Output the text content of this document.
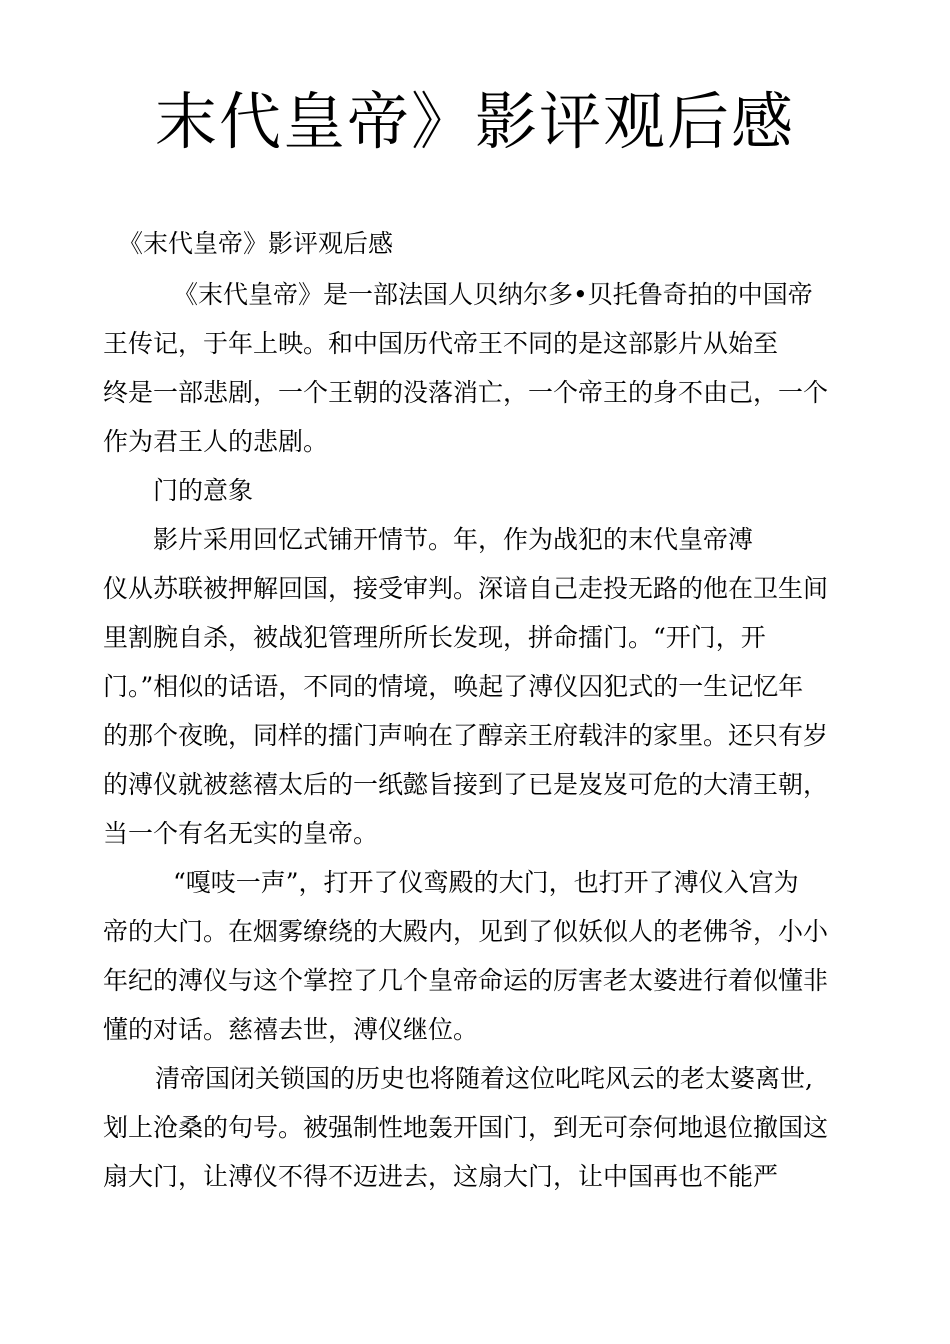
末代皇帝》影评观后感
《末代皇帝》影评观后感
《末代皇帝》是一部法国人贝纳尔多•贝托鲁奇拍的中国帝
王传记，于年上映。和中国历代帝王不同的是这部影片从始至
终是一部悲剧，一个王朝的没落消亡，一个帝王的身不由己，一个
作为君王人的悲剧。
门的意象
影片采用回忆式铺开情节。年，作为战犯的末代皇帝溥
仪从苏联被押解回国，接受审判。深谙自己走投无路的他在卫生间
里割腕自杀，被战犯管理所所长发现，拼命擂门。“开门，开
门。”相似的话语，不同的情境，唤起了溥仪囚犯式的一生记忆年
的那个夜晚，同样的擂门声响在了醇亲王府载沣的家里。还只有岁
的溥仪就被慈禧太后的一纸懿旨接到了已是岌岌可危的大清王朝，
当一个有名无实的皇帝。
“嘎吱一声”，打开了仪鸾殿的大门，也打开了溥仪入宫为
帝的大门。在烟雾缭绕的大殿内，见到了似妖似人的老佛爷，小小
年纪的溥仪与这个掌控了几个皇帝命运的厉害老太婆进行着似懂非
懂的对话。慈禧去世，溥仪继位。
清帝国闭关锁国的历史也将随着这位叱咤风云的老太婆离世,
划上沧桑的句号。被强制性地轰开国门，到无可奈何地退位撤国这
扇大门，让溥仪不得不迈进去，这扇大门，让中国再也不能严
